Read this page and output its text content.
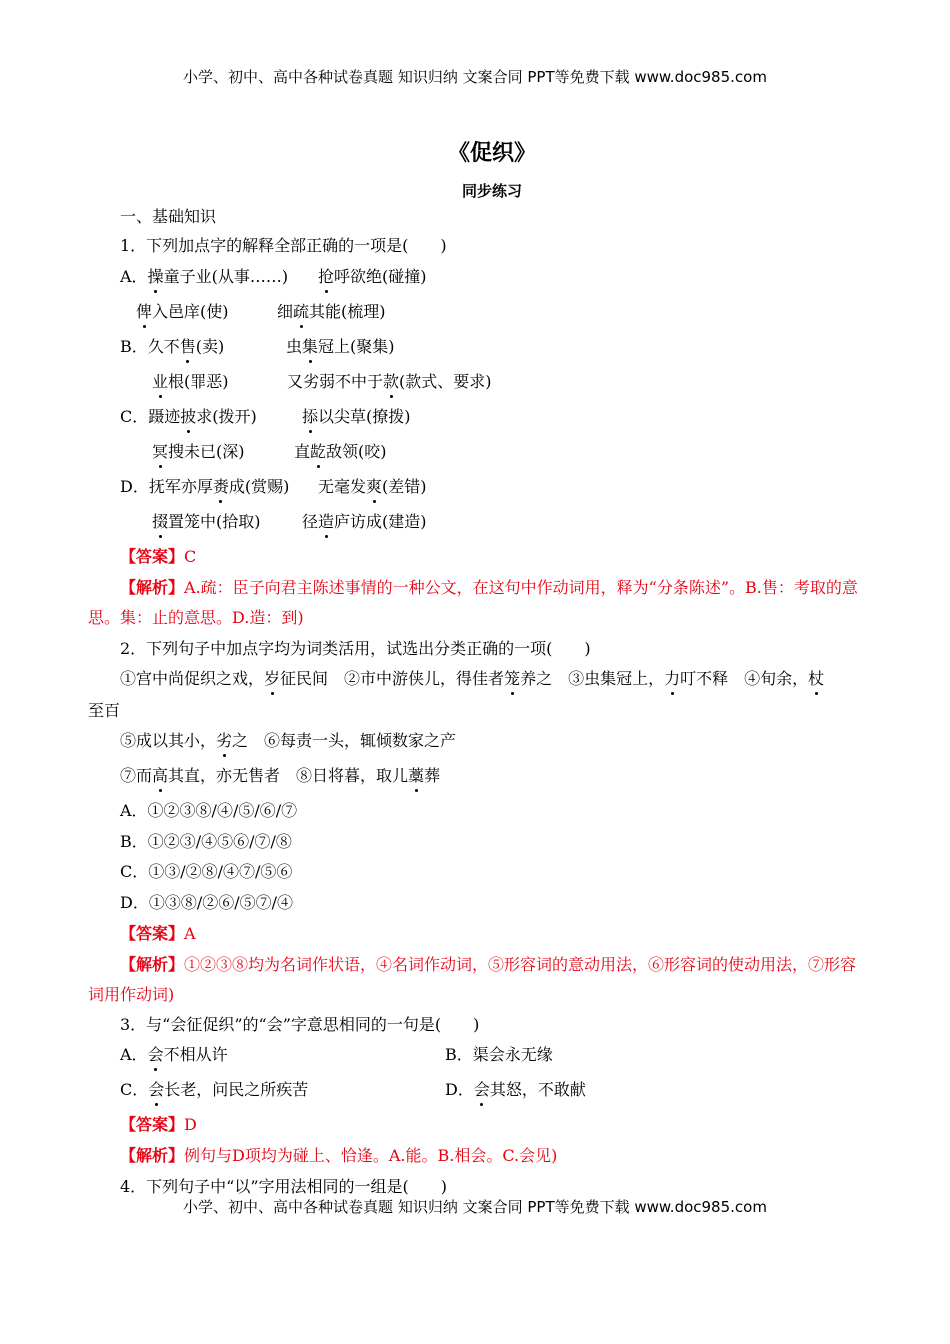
小学、初中、高中各种试卷真题 知识归纳 文案合同 PPT等免费下载 www.doc985.com
《促织》
同步练习
一、基础知识
1．下列加点字的解释全部正确的一项是(　　)
A．操童子业(从事……) 抢呼欲绝(碰撞)
俾入邑庠(使)	细疏其能(梳理)
B．久不售(卖)	虫集冠上(聚集)
业根(罪恶)	又劣弱不中于款(款式、要求)
C．蹑迹披求(拨开)	掭以尖草(撩拨)
冥搜未已(深)	直龁敌领(咬)
D．抚军亦厚赉成(赏赐) 无毫发爽(差错)
掇置笼中(拾取)	径造庐访成(建造)
【答案】C
【解析】A.疏：臣子向君主陈述事情的一种公文，在这句中作动词用，释为“分条陈述”。B.售：考取的意思。集：止的意思。D.造：到)
2．下列句子中加点字均为词类活用，试选出分类正确的一项(　　)
①宫中尚促织之戏，岁征民间　②市中游侠儿，得佳者笼养之　③虫集冠上，力叮不释　④旬余，杖
至百
⑤成以其小，劣之　⑥每责一头，辄倾数家之产
⑦而高其直，亦无售者　⑧日将暮，取儿藁葬
A．①②③⑧/④/⑤/⑥/⑦
B．①②③/④⑤⑥/⑦/⑧
C．①③/②⑧/④⑦/⑤⑥
D．①③⑧/②⑥/⑤⑦/④
【答案】A
【解析】①②③⑧均为名词作状语，④名词作动词，⑤形容词的意动用法，⑥形容词的使动用法，⑦形容词用作动词)
3．与“会征促织”的“会”字意思相同的一句是(　　)
A．会不相从许	B．渠会永无缘
C．会长老，问民之所疾苦	D．会其怒，不敢献
【答案】D
【解析】例句与D项均为碰上、恰逢。A.能。B.相会。C.会见)
4．下列句子中“以”字用法相同的一组是(　　)
小学、初中、高中各种试卷真题 知识归纳 文案合同 PPT等免费下载 www.doc985.com
